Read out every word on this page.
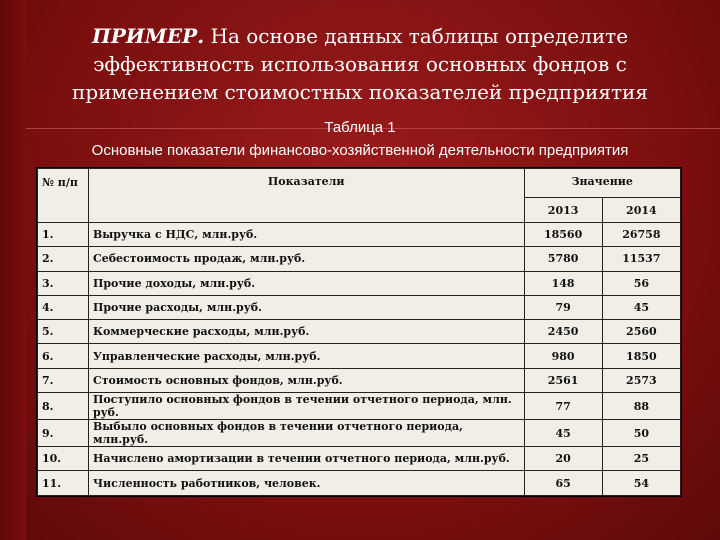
ПРИМЕР. На основе данных таблицы определите эффективность использования основных фондов с применением стоимостных показателей предприятия
Таблица 1
Основные показатели финансово-хозяйственной деятельности предприятия
№ п/п	Показатели	Значение	
		2013	2014
1.	Выручка с НДС, млн.руб.	18560	26758
2.	Себестоимость продаж, млн.руб.	5780	11537
3.	Прочие доходы, млн.руб.	148	56
4.	Прочие расходы, млн.руб.	79	45
5.	Коммерческие расходы, млн.руб.	2450	2560
6.	Управленческие расходы, млн.руб.	980	1850
7.	Стоимость основных фондов, млн.руб.	2561	2573
8.	Поступило основных фондов в течении отчетного периода, млн. руб.	77	88
9.	Выбыло основных фондов в течении отчетного периода, млн.руб.	45	50
10.	Начислено амортизации в течении отчетного периода, млн.руб.	20	25
11.	Численность работников, человек.	65	54
